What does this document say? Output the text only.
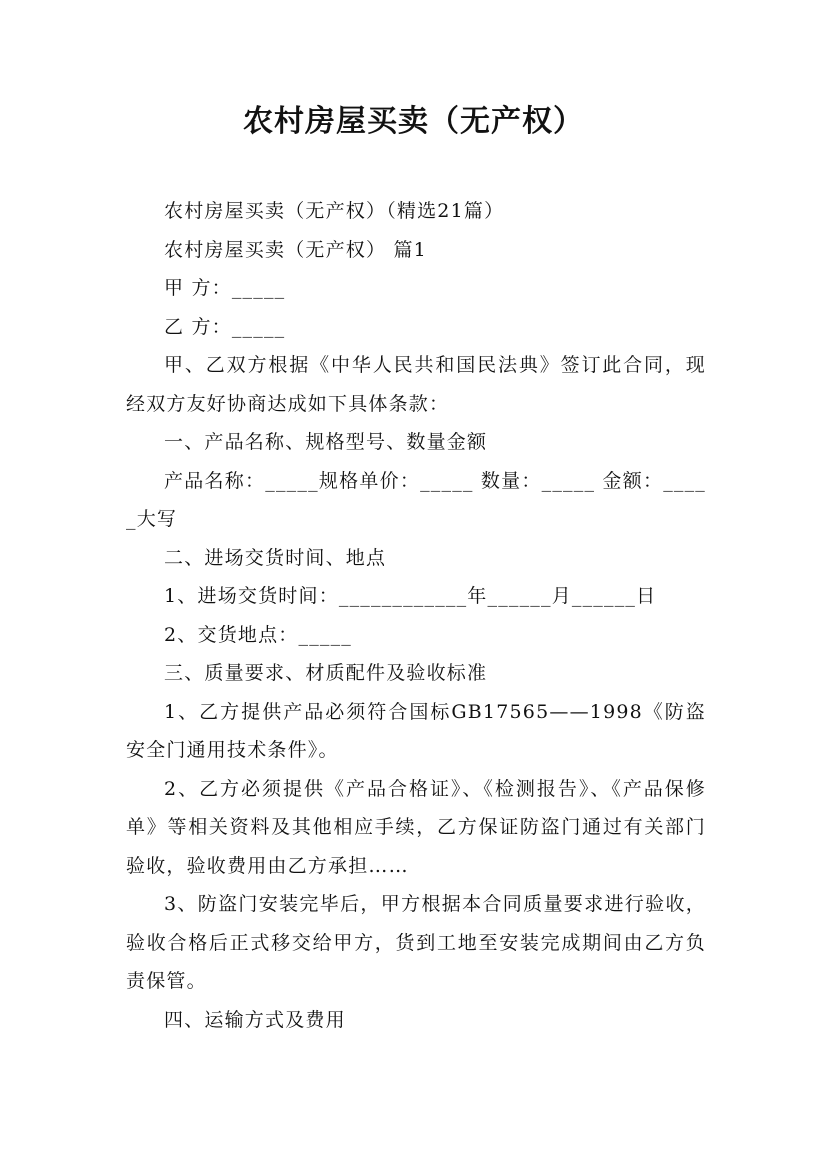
农村房屋买卖（无产权）

农村房屋买卖（无产权）（精选21篇）

农村房屋买卖（无产权） 篇1

甲 方：_____

乙 方：_____

甲、乙双方根据《中华人民共和国民法典》签订此合同，现经双方友好协商达成如下具体条款：

一、产品名称、规格型号、数量金额

产品名称：_____规格单价：_____ 数量：_____ 金额：_____大写

二、进场交货时间、地点

1、进场交货时间：____________年______月______日

2、交货地点：_____

三、质量要求、材质配件及验收标准

1、乙方提供产品必须符合国标GB17565——1998《防盗安全门通用技术条件》。

2、乙方必须提供《产品合格证》、《检测报告》、《产品保修单》等相关资料及其他相应手续，乙方保证防盗门通过有关部门验收，验收费用由乙方承担……

3、防盗门安装完毕后，甲方根据本合同质量要求进行验收，验收合格后正式移交给甲方，货到工地至安装完成期间由乙方负责保管。

四、运输方式及费用
